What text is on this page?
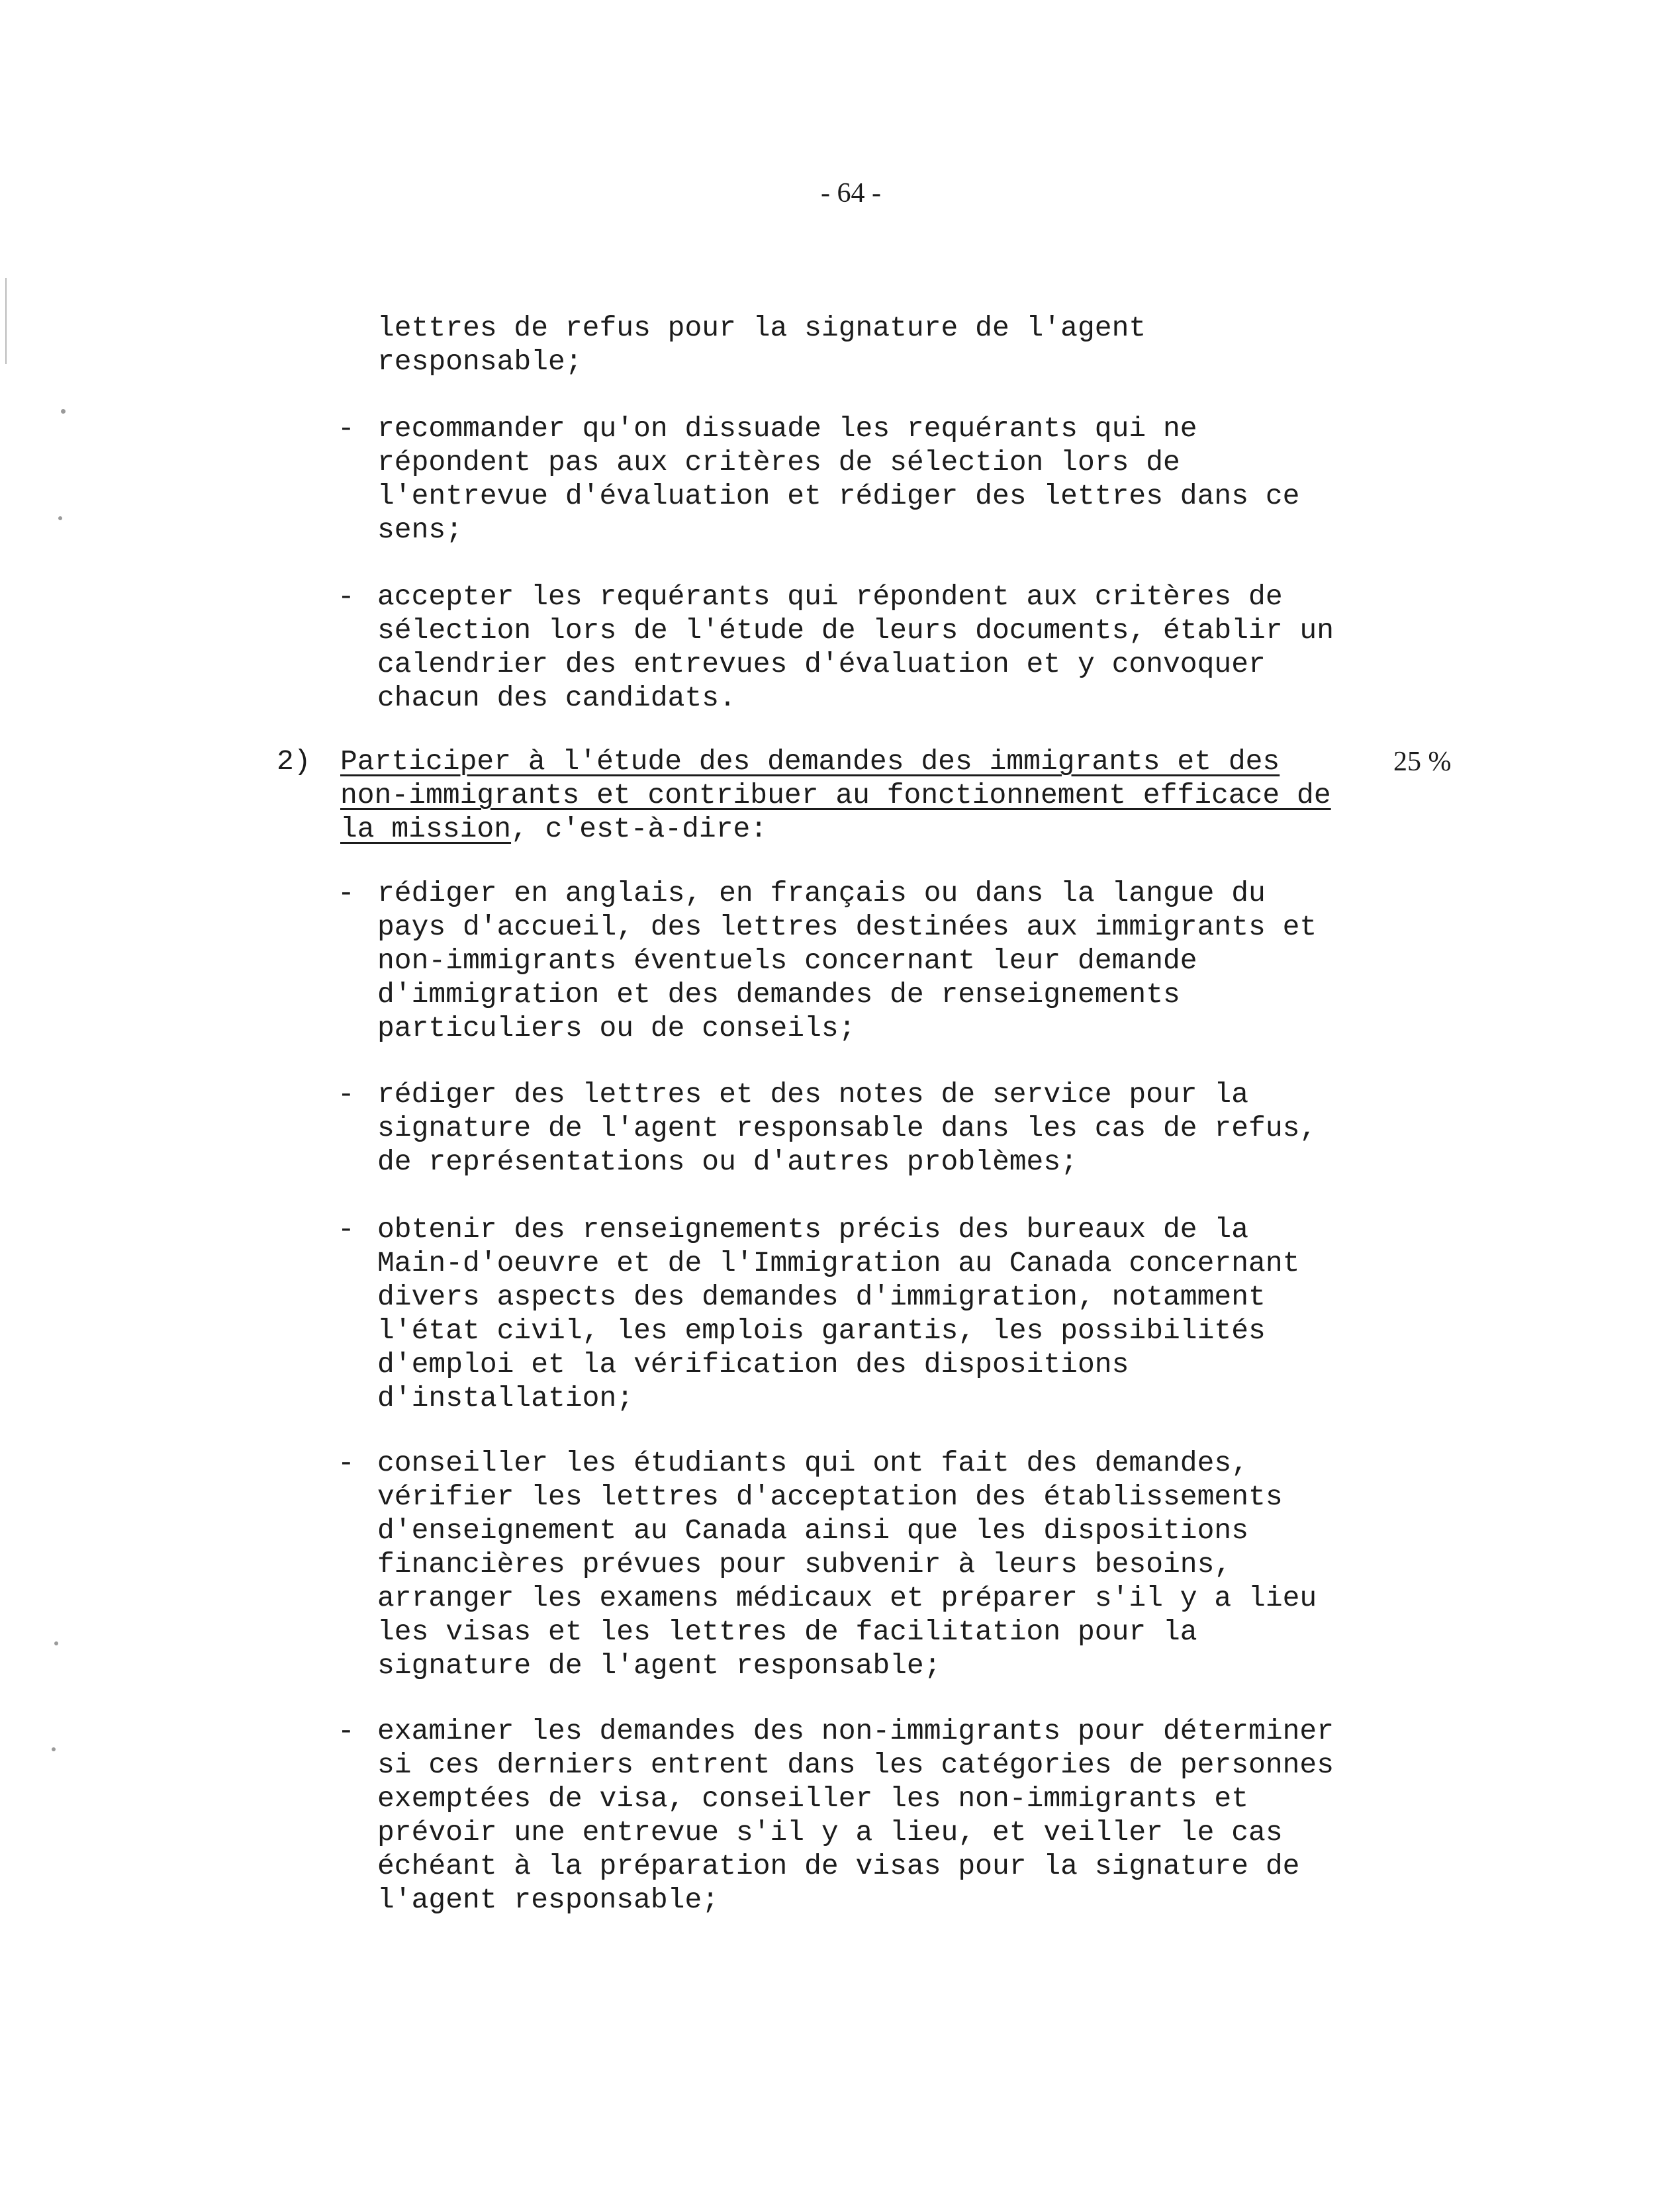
- 64 -
lettres de refus pour la signature de l'agent
responsable;
- recommander qu'on dissuade les requérants qui ne
répondent pas aux critères de sélection lors de
l'entrevue d'évaluation et rédiger des lettres dans ce
sens;
- accepter les requérants qui répondent aux critères de
sélection lors de l'étude de leurs documents, établir un
calendrier des entrevues d'évaluation et y convoquer
chacun des candidats.
2) Participer à l'étude des demandes des immigrants et des
non-immigrants et contribuer au fonctionnement efficace de
la mission, c'est-à-dire:
25 %
- rédiger en anglais, en français ou dans la langue du
pays d'accueil, des lettres destinées aux immigrants et
non-immigrants éventuels concernant leur demande
d'immigration et des demandes de renseignements
particuliers ou de conseils;
- rédiger des lettres et des notes de service pour la
signature de l'agent responsable dans les cas de refus,
de représentations ou d'autres problèmes;
- obtenir des renseignements précis des bureaux de la
Main-d'oeuvre et de l'Immigration au Canada concernant
divers aspects des demandes d'immigration, notamment
l'état civil, les emplois garantis, les possibilités
d'emploi et la vérification des dispositions
d'installation;
- conseiller les étudiants qui ont fait des demandes,
vérifier les lettres d'acceptation des établissements
d'enseignement au Canada ainsi que les dispositions
financières prévues pour subvenir à leurs besoins,
arranger les examens médicaux et préparer s'il y a lieu
les visas et les lettres de facilitation pour la
signature de l'agent responsable;
- examiner les demandes des non-immigrants pour déterminer
si ces derniers entrent dans les catégories de personnes
exemptées de visa, conseiller les non-immigrants et
prévoir une entrevue s'il y a lieu, et veiller le cas
échéant à la préparation de visas pour la signature de
l'agent responsable;
